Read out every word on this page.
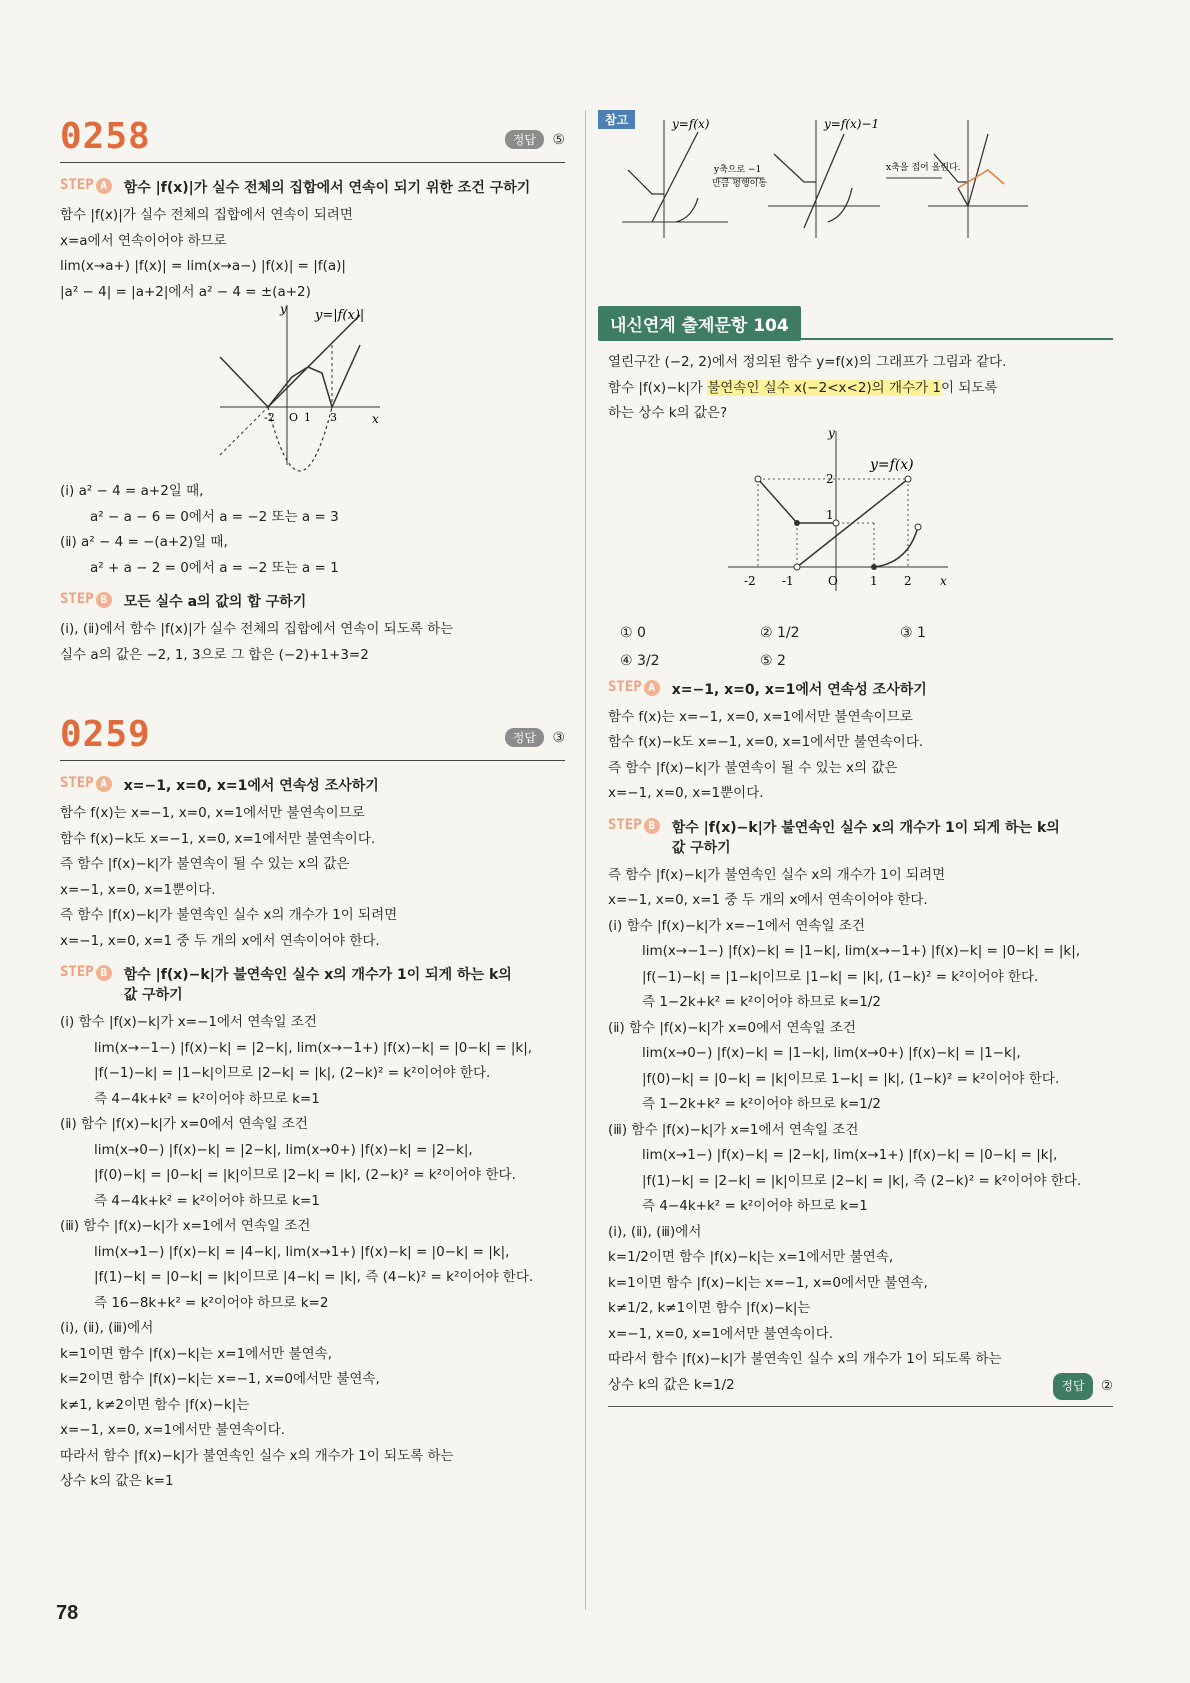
0258	정답 ⑤
STEP A	함수 |f(x)|가 실수 전체의 집합에서 연속이 되기 위한 조건 구하기
함수 |f(x)|가 실수 전체의 집합에서 연속이 되려면
x=a에서 연속이어야 하므로
lim(x→a+) |f(x)| = lim(x→a−) |f(x)| = |f(a)|
|a² − 4| = |a+2|에서 a² − 4 = ±(a+2)
y=|f(x)|
y
x
-2 O 1 3
(ⅰ) a² − 4 = a+2일 때,
a² − a − 6 = 0에서 a = −2 또는 a = 3
(ⅱ) a² − 4 = −(a+2)일 때,
a² + a − 2 = 0에서 a = −2 또는 a = 1
STEP B	모든 실수 a의 값의 합 구하기
(ⅰ), (ⅱ)에서 함수 |f(x)|가 실수 전체의 집합에서 연속이 되도록 하는
실수 a의 값은 −2, 1, 3으로 그 합은 (−2)+1+3=2
0259	정답 ③
STEP A	x=−1, x=0, x=1에서 연속성 조사하기
함수 f(x)는 x=−1, x=0, x=1에서만 불연속이므로
함수 f(x)−k도 x=−1, x=0, x=1에서만 불연속이다.
즉 함수 |f(x)−k|가 불연속이 될 수 있는 x의 값은
x=−1, x=0, x=1뿐이다.
즉 함수 |f(x)−k|가 불연속인 실수 x의 개수가 1이 되려면
x=−1, x=0, x=1 중 두 개의 x에서 연속이어야 한다.
STEP B	함수 |f(x)−k|가 불연속인 실수 x의 개수가 1이 되게 하는 k의
값 구하기
(ⅰ) 함수 |f(x)−k|가 x=−1에서 연속일 조건
lim(x→−1−) |f(x)−k| = |2−k|, lim(x→−1+) |f(x)−k| = |0−k| = |k|,
|f(−1)−k| = |1−k|이므로 |2−k| = |k|, (2−k)² = k²이어야 한다.
즉 4−4k+k² = k²이어야 하므로 k=1
(ⅱ) 함수 |f(x)−k|가 x=0에서 연속일 조건
lim(x→0−) |f(x)−k| = |2−k|, lim(x→0+) |f(x)−k| = |2−k|,
|f(0)−k| = |0−k| = |k|이므로 |2−k| = |k|, (2−k)² = k²이어야 한다.
즉 4−4k+k² = k²이어야 하므로 k=1
(ⅲ) 함수 |f(x)−k|가 x=1에서 연속일 조건
lim(x→1−) |f(x)−k| = |4−k|, lim(x→1+) |f(x)−k| = |0−k| = |k|,
|f(1)−k| = |0−k| = |k|이므로 |4−k| = |k|, 즉 (4−k)² = k²이어야 한다.
즉 16−8k+k² = k²이어야 하므로 k=2
(ⅰ), (ⅱ), (ⅲ)에서
k=1이면 함수 |f(x)−k|는 x=1에서만 불연속,
k=2이면 함수 |f(x)−k|는 x=−1, x=0에서만 불연속,
k≠1, k≠2이면 함수 |f(x)−k|는
x=−1, x=0, x=1에서만 불연속이다.
따라서 함수 |f(x)−k|가 불연속인 실수 x의 개수가 1이 되도록 하는
상수 k의 값은 k=1
참고	y=f(x)
y축으로 −1
만큼 평행이동
y=f(x)−1
x축을 접어 올린다.
내신연계 출제문항 104
열린구간 (−2, 2)에서 정의된 함수 y=f(x)의 그래프가 그림과 같다.
함수 |f(x)−k|가 불연속인 실수 x(−2<x<2)의 개수가 1이 되도록
하는 상수 k의 값은?
y=f(x)
y
x
2
1
-2 -1	O	1 2
① 0	② 1/2	③ 1
④ 3/2	⑤ 2
STEP A	x=−1, x=0, x=1에서 연속성 조사하기
함수 f(x)는 x=−1, x=0, x=1에서만 불연속이므로
함수 f(x)−k도 x=−1, x=0, x=1에서만 불연속이다.
즉 함수 |f(x)−k|가 불연속이 될 수 있는 x의 값은
x=−1, x=0, x=1뿐이다.
STEP B	함수 |f(x)−k|가 불연속인 실수 x의 개수가 1이 되게 하는 k의
값 구하기
즉 함수 |f(x)−k|가 불연속인 실수 x의 개수가 1이 되려면
x=−1, x=0, x=1 중 두 개의 x에서 연속이어야 한다.
(ⅰ) 함수 |f(x)−k|가 x=−1에서 연속일 조건
lim(x→−1−) |f(x)−k| = |1−k|, lim(x→−1+) |f(x)−k| = |0−k| = |k|,
|f(−1)−k| = |1−k|이므로 |1−k| = |k|, (1−k)² = k²이어야 한다.
즉 1−2k+k² = k²이어야 하므로 k=1/2
(ⅱ) 함수 |f(x)−k|가 x=0에서 연속일 조건
lim(x→0−) |f(x)−k| = |1−k|, lim(x→0+) |f(x)−k| = |1−k|,
|f(0)−k| = |0−k| = |k|이므로 1−k| = |k|, (1−k)² = k²이어야 한다.
즉 1−2k+k² = k²이어야 하므로 k=1/2
(ⅲ) 함수 |f(x)−k|가 x=1에서 연속일 조건
lim(x→1−) |f(x)−k| = |2−k|, lim(x→1+) |f(x)−k| = |0−k| = |k|,
|f(1)−k| = |2−k| = |k|이므로 |2−k| = |k|, 즉 (2−k)² = k²이어야 한다.
즉 4−4k+k² = k²이어야 하므로 k=1
(ⅰ), (ⅱ), (ⅲ)에서
k=1/2이면 함수 |f(x)−k|는 x=1에서만 불연속,
k=1이면 함수 |f(x)−k|는 x=−1, x=0에서만 불연속,
k≠1/2, k≠1이면 함수 |f(x)−k|는
x=−1, x=0, x=1에서만 불연속이다.
따라서 함수 |f(x)−k|가 불연속인 실수 x의 개수가 1이 되도록 하는
상수 k의 값은 k=1/2	정답 ②
78
